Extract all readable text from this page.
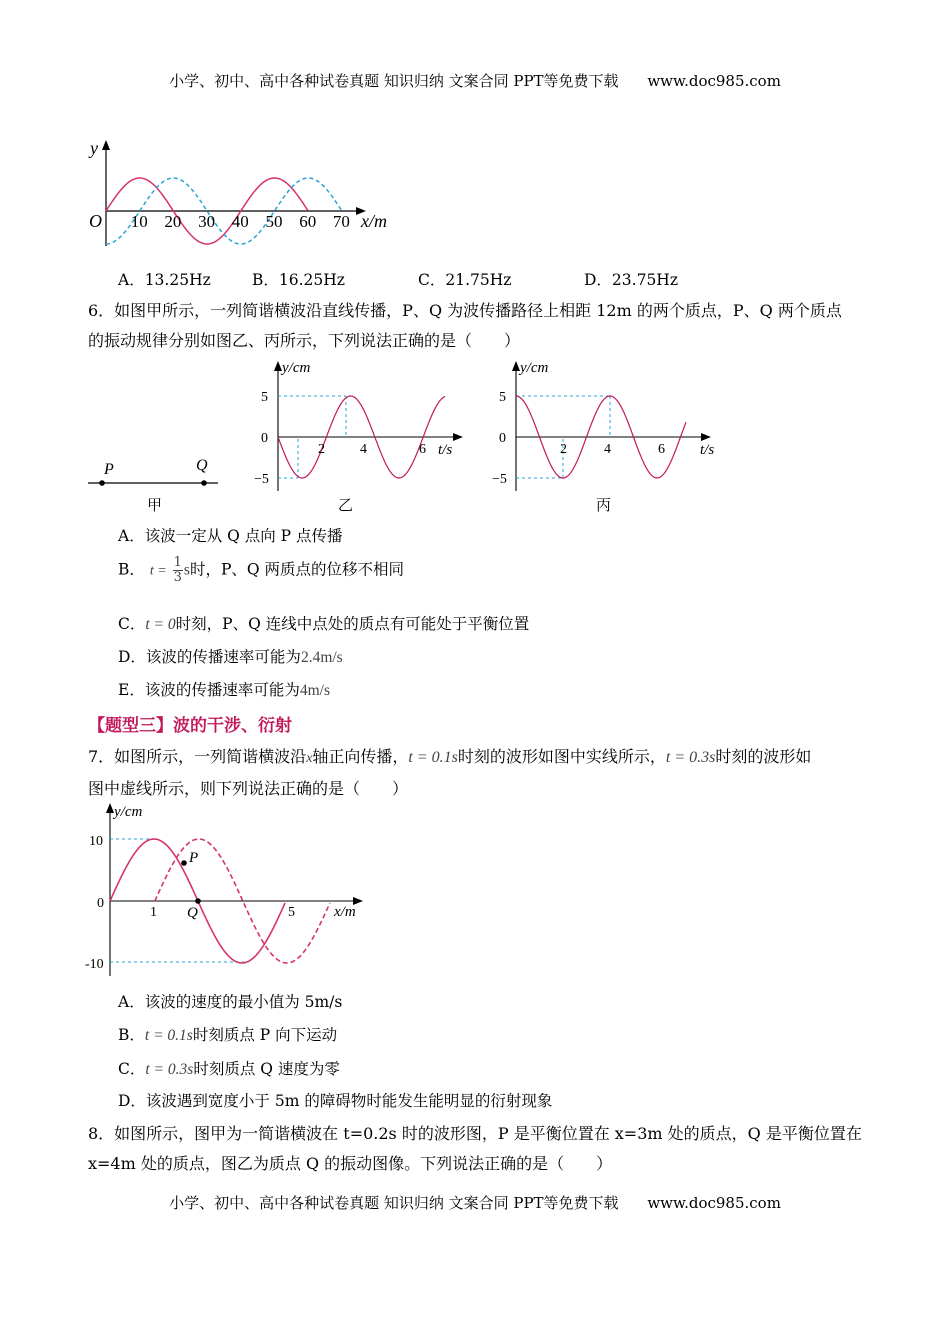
小学、初中、高中各种试卷真题 知识归纳 文案合同 PPT等免费下载 www.doc985.com
y
O	x/m
10 20 30 40 50 60 70
A．13.25Hz	B．16.25Hz	C．21.75Hz	D．23.75Hz
6．如图甲所示，一列简谐横波沿直线传播，P、Q 为波传播路径上相距 12m 的两个质点，P、Q 两个质点
的振动规律分别如图乙、丙所示，下列说法正确的是（　　）
P	Q
甲
y/cm
5
0
−5
2	4	6 t/s
乙
y/cm
5
0
−5
2	4	6 t/s
丙
A．该波一定从 Q 点向 P 点传播
B． $t = \frac{1}{3}$ s时，P、Q 两质点的位移不相同
C．t = 0时刻，P、Q 连线中点处的质点有可能处于平衡位置
D．该波的传播速率可能为2.4m/s
E．该波的传播速率可能为4m/s
【题型三】波的干涉、衍射
7．如图所示，一列简谐横波沿x轴正向传播，t = 0.1s时刻的波形如图中实线所示，t = 0.3s时刻的波形如
图中虚线所示，则下列说法正确的是（　　）
y/cm
10
0
-10
1	5
P
Q	x/m
A．该波的速度的最小值为 5m/s
B．t = 0.1s时刻质点 P 向下运动
C．t = 0.3s时刻质点 Q 速度为零
D．该波遇到宽度小于 5m 的障碍物时能发生能明显的衍射现象
8．如图所示，图甲为一简谐横波在 t=0.2s 时的波形图，P 是平衡位置在 x=3m 处的质点，Q 是平衡位置在
x=4m 处的质点，图乙为质点 Q 的振动图像。下列说法正确的是（　　）
小学、初中、高中各种试卷真题 知识归纳 文案合同 PPT等免费下载 www.doc985.com
